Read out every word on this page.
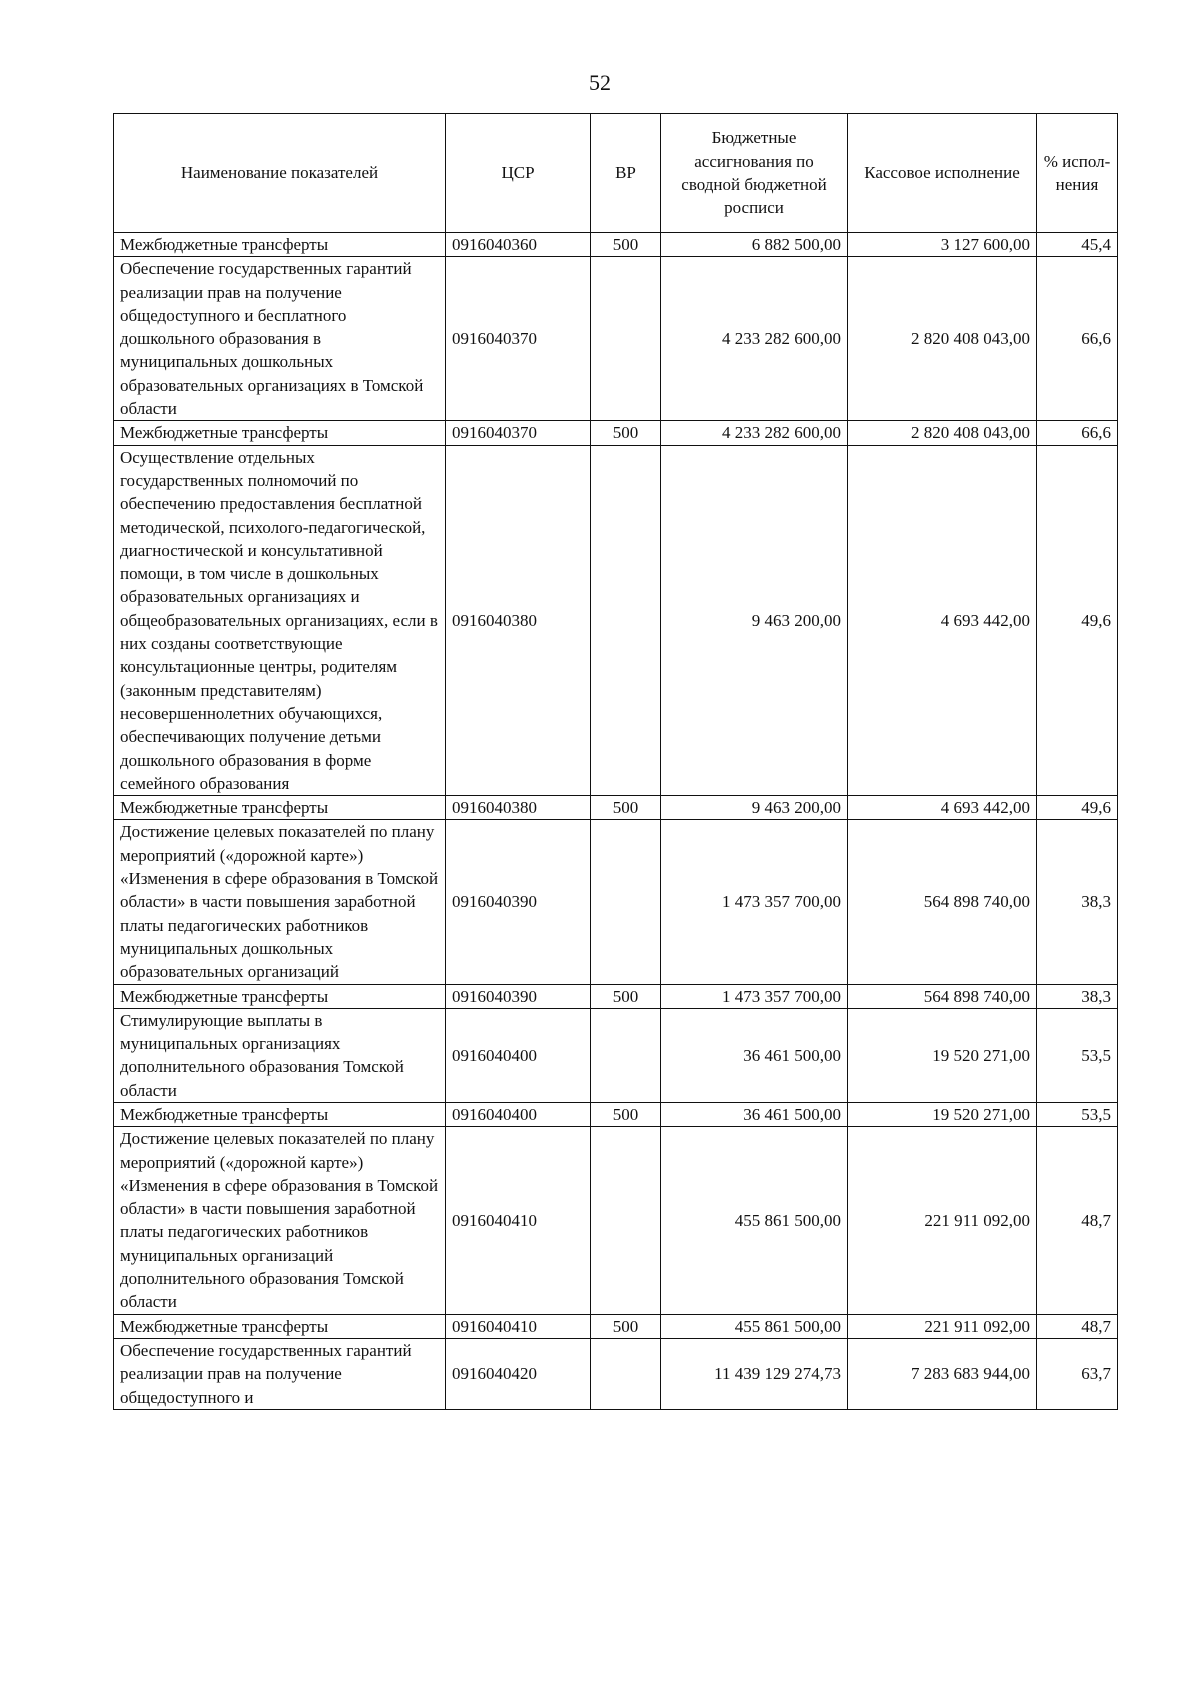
52
Наименование показателей	ЦСР	ВР	Бюджетные ассигнования по сводной бюджетной росписи	Кассовое исполнение	% испол-нения
Межбюджетные трансферты	0916040360	500	6 882 500,00	3 127 600,00	45,4
Обеспечение государственных гарантий реализации прав на получение общедоступного и бесплатного дошкольного образования в муниципальных дошкольных образовательных организациях в Томской области	0916040370		4 233 282 600,00	2 820 408 043,00	66,6
Межбюджетные трансферты	0916040370	500	4 233 282 600,00	2 820 408 043,00	66,6
Осуществление отдельных государственных полномочий по обеспечению предоставления бесплатной методической, психолого-педагогической, диагностической и консультативной помощи, в том числе в дошкольных образовательных организациях и общеобразовательных организациях, если в них созданы соответствующие консультационные центры, родителям (законным представителям) несовершеннолетних обучающихся, обеспечивающих получение детьми дошкольного образования в форме семейного образования	0916040380		9 463 200,00	4 693 442,00	49,6
Межбюджетные трансферты	0916040380	500	9 463 200,00	4 693 442,00	49,6
Достижение целевых показателей по плану мероприятий («дорожной карте») «Изменения в сфере образования в Томской области» в части повышения заработной платы педагогических работников муниципальных дошкольных образовательных организаций	0916040390		1 473 357 700,00	564 898 740,00	38,3
Межбюджетные трансферты	0916040390	500	1 473 357 700,00	564 898 740,00	38,3
Стимулирующие выплаты в муниципальных организациях дополнительного образования Томской области	0916040400		36 461 500,00	19 520 271,00	53,5
Межбюджетные трансферты	0916040400	500	36 461 500,00	19 520 271,00	53,5
Достижение целевых показателей по плану мероприятий («дорожной карте») «Изменения в сфере образования в Томской области» в части повышения заработной платы педагогических работников муниципальных организаций дополнительного образования Томской области	0916040410		455 861 500,00	221 911 092,00	48,7
Межбюджетные трансферты	0916040410	500	455 861 500,00	221 911 092,00	48,7
Обеспечение государственных гарантий реализации прав на получение общедоступного и	0916040420		11 439 129 274,73	7 283 683 944,00	63,7
